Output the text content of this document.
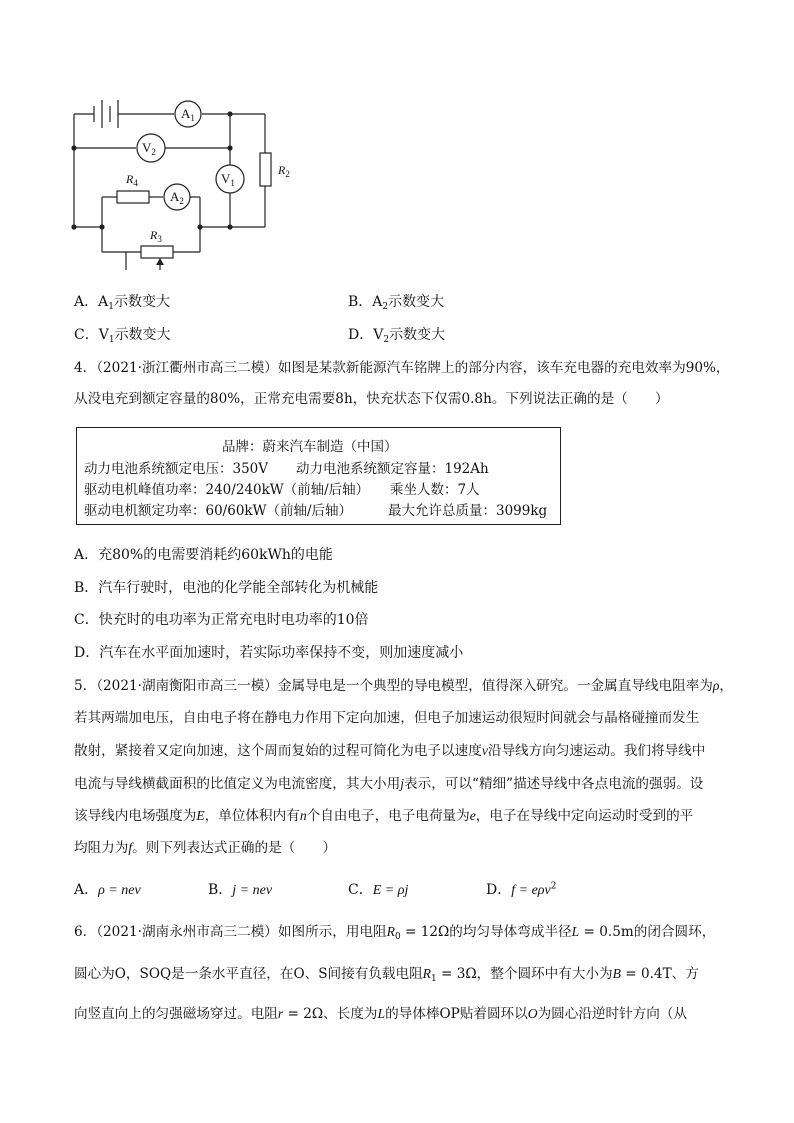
$A_1$
$V_2$
$V_1$
$R_2$
$R_4$
$A_2$
$R_3$
A．$A_1$示数变大	B．$A_2$示数变大
C．$V_1$示数变大	D．$V_2$示数变大
4．（2021·浙江衢州市高三二模）如图是某款新能源汽车铭牌上的部分内容，该车充电器的充电效率为90%，
从没电充到额定容量的80%，正常充电需要8h，快充状态下仅需0.8h。下列说法正确的是（　　）
品牌：蔚来汽车制造（中国）
动力电池系统额定电压：350V 动力电池系统额定容量：192Ah
驱动电机峰值功率：240/240kW（前轴/后轴） 乘坐人数：7人
驱动电机额定功率：60/60kW（前轴/后轴）	最大允许总质量：3099kg
A．充80%的电需要消耗约60kWh的电能
B．汽车行驶时，电池的化学能全部转化为机械能
C．快充时的电功率为正常充电时电功率的10倍
D．汽车在水平面加速时，若实际功率保持不变，则加速度减小
5．（2021·湖南衡阳市高三一模）金属导电是一个典型的导电模型，值得深入研究。一金属直导线电阻率为ρ，
若其两端加电压，自由电子将在静电力作用下定向加速，但电子加速运动很短时间就会与晶格碰撞而发生
散射，紧接着又定向加速，这个周而复始的过程可简化为电子以速度v沿导线方向匀速运动。我们将导线中
电流与导线横截面积的比值定义为电流密度，其大小用j表示，可以“精细”描述导线中各点电流的强弱。设
该导线内电场强度为E，单位体积内有n个自由电子，电子电荷量为e，电子在导线中定向运动时受到的平
均阻力为f。则下列表达式正确的是（　　）
A．ρ = nev	B．j = nev	C．E = ρj	D．f = eρv$^2$
6．（2021·湖南永州市高三二模）如图所示，用电阻$R_0 = 12\Omega$的均匀导体弯成半径L = 0.5m的闭合圆环，
圆心为O，SOQ是一条水平直径，在O、S间接有负载电阻$R_1 = 3\Omega$，整个圆环中有大小为B = 0.4T、方
向竖直向上的匀强磁场穿过。电阻r = 2Ω、长度为L的导体棒OP贴着圆环以O为圆心沿逆时针方向（从
